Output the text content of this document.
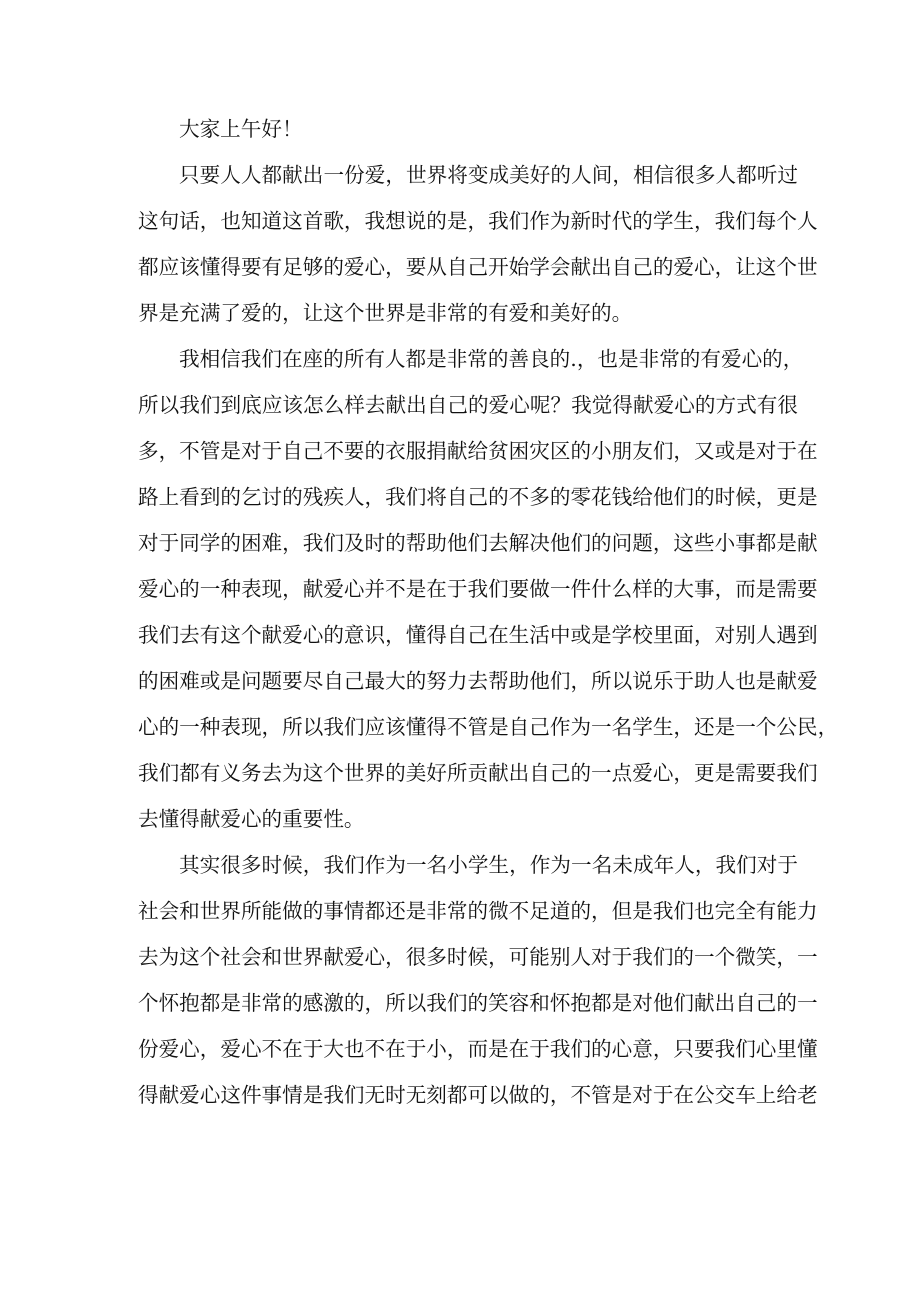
大家上午好！
只要人人都献出一份爱，世界将变成美好的人间，相信很多人都听过
这句话，也知道这首歌，我想说的是，我们作为新时代的学生，我们每个人
都应该懂得要有足够的爱心，要从自己开始学会献出自己的爱心，让这个世
界是充满了爱的，让这个世界是非常的有爱和美好的。
我相信我们在座的所有人都是非常的善良的.，也是非常的有爱心的，
所以我们到底应该怎么样去献出自己的爱心呢？我觉得献爱心的方式有很
多，不管是对于自己不要的衣服捐献给贫困灾区的小朋友们，又或是对于在
路上看到的乞讨的残疾人，我们将自己的不多的零花钱给他们的时候，更是
对于同学的困难，我们及时的帮助他们去解决他们的问题，这些小事都是献
爱心的一种表现，献爱心并不是在于我们要做一件什么样的大事，而是需要
我们去有这个献爱心的意识，懂得自己在生活中或是学校里面，对别人遇到
的困难或是问题要尽自己最大的努力去帮助他们，所以说乐于助人也是献爱
心的一种表现，所以我们应该懂得不管是自己作为一名学生，还是一个公民，
我们都有义务去为这个世界的美好所贡献出自己的一点爱心，更是需要我们
去懂得献爱心的重要性。
其实很多时候，我们作为一名小学生，作为一名未成年人，我们对于
社会和世界所能做的事情都还是非常的微不足道的，但是我们也完全有能力
去为这个社会和世界献爱心，很多时候，可能别人对于我们的一个微笑，一
个怀抱都是非常的感激的，所以我们的笑容和怀抱都是对他们献出自己的一
份爱心，爱心不在于大也不在于小，而是在于我们的心意，只要我们心里懂
得献爱心这件事情是我们无时无刻都可以做的，不管是对于在公交车上给老
